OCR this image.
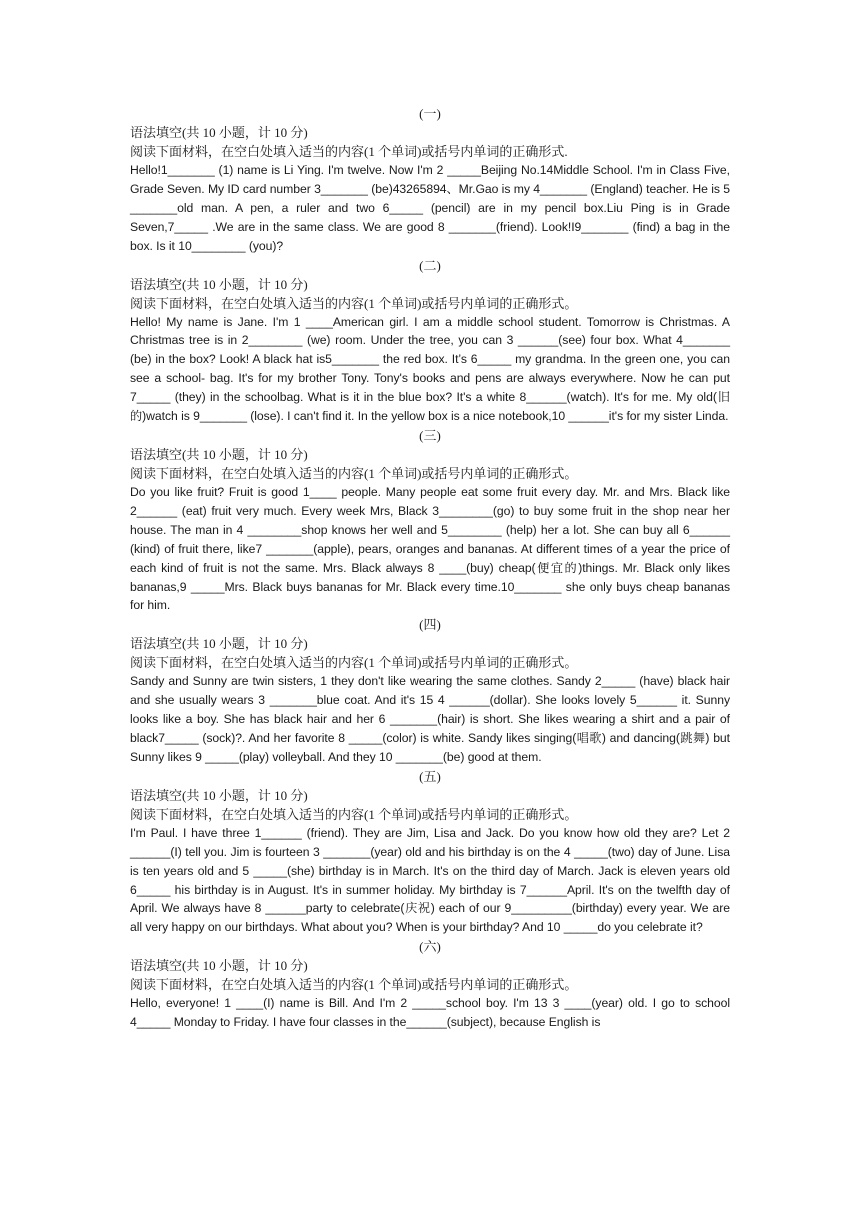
(一)
语法填空(共 10 小题，计 10 分)
阅读下面材料，在空白处填入适当的内容(1 个单词)或括号内单词的正确形式.
Hello!1_______ (1) name is Li Ying. I'm twelve. Now I'm 2 _____Beijing No.14Middle School. I'm in Class Five, Grade Seven. My ID card number 3_______ (be)43265894、Mr.Gao is my 4_______ (England) teacher. He is 5 _______old man. A pen, a ruler and two 6_____ (pencil) are in my pencil box.Liu Ping is in Grade Seven,7_____ .We are in the same class. We are good 8 _______(friend). Look!I9_______ (find) a bag in the box. Is it 10________ (you)?
(二)
语法填空(共 10 小题，计 10 分)
阅读下面材料，在空白处填入适当的内容(1 个单词)或括号内单词的正确形式。
Hello! My name is Jane. I'm 1 ____American girl. I am a middle school student. Tomorrow is Christmas. A Christmas tree is in 2________ (we) room. Under the tree, you can 3 ______(see) four box. What 4_______ (be) in the box? Look! A black hat is5_______ the red box. It’s 6_____ my grandma. In the green one, you can see a school- bag. It's for my brother Tony. Tony's books and pens are always everywhere. Now he can put 7_____ (they) in the schoolbag. What is it in the blue box? It's a white 8______(watch). It's for me. My old(旧的)watch is 9_______ (lose). I can't find it. In the yellow box is a nice notebook,10 ______it's for my sister Linda.
(三)
语法填空(共 10 小题，计 10 分)
阅读下面材料，在空白处填入适当的内容(1 个单词)或括号内单词的正确形式。
Do you like fruit? Fruit is good 1____ people. Many people eat some fruit every day. Mr. and Mrs. Black like 2______ (eat) fruit very much. Every week Mrs, Black 3________(go) to buy some fruit in the shop near her house. The man in 4 ________shop knows her well and 5________ (help) her a lot. She can buy all 6______ (kind) of fruit there, like7 _______(apple), pears, oranges and bananas. At different times of a year the price of each kind of fruit is not the same. Mrs. Black always 8 ____(buy) cheap(便宜的)things. Mr. Black only likes bananas,9 _____Mrs. Black buys bananas for Mr. Black every time.10_______ she only buys cheap bananas for him.
(四)
语法填空(共 10 小题，计 10 分)
阅读下面材料，在空白处填入适当的内容(1 个单词)或括号内单词的正确形式。
Sandy and Sunny are twin sisters, 1 they don't like wearing the same clothes. Sandy 2_____ (have) black hair and she usually wears 3 _______blue coat. And it's 15 4 ______(dollar). She looks lovely 5______ it. Sunny looks like a boy. She has black hair and her 6 _______(hair) is short. She likes wearing a shirt and a pair of black7_____ (sock)?. And her favorite 8 _____(color) is white. Sandy likes singing(唱歌) and dancing(跳舞) but Sunny likes 9 _____(play) volleyball. And they 10 _______(be) good at them.
(五)
语法填空(共 10 小题，计 10 分)
阅读下面材料，在空白处填入适当的内容(1 个单词)或括号内单词的正确形式。
I'm Paul. I have three 1______ (friend). They are Jim, Lisa and Jack. Do you know how old they are? Let 2 ______(I) tell you. Jim is fourteen 3 _______(year) old and his birthday is on the 4 _____(two) day of June. Lisa is ten years old and 5 _____(she) birthday is in March. It's on the third day of March. Jack is eleven years old 6_____ his birthday is in August. It's in summer holiday. My birthday is 7______April. It's on the twelfth day of April. We always have 8 ______party to celebrate(庆祝) each of our 9_________(birthday) every year. We are all very happy on our birthdays. What about you? When is your birthday? And 10 _____do you celebrate it?
(六)
语法填空(共 10 小题，计 10 分)
阅读下面材料，在空白处填入适当的内容(1 个单词)或括号内单词的正确形式。
Hello, everyone! 1 ____(I) name is Bill. And I'm 2 _____school boy. I'm 13 3 ____(year) old. I go to school 4_____ Monday to Friday. I have four classes in the______(subject), because English is
